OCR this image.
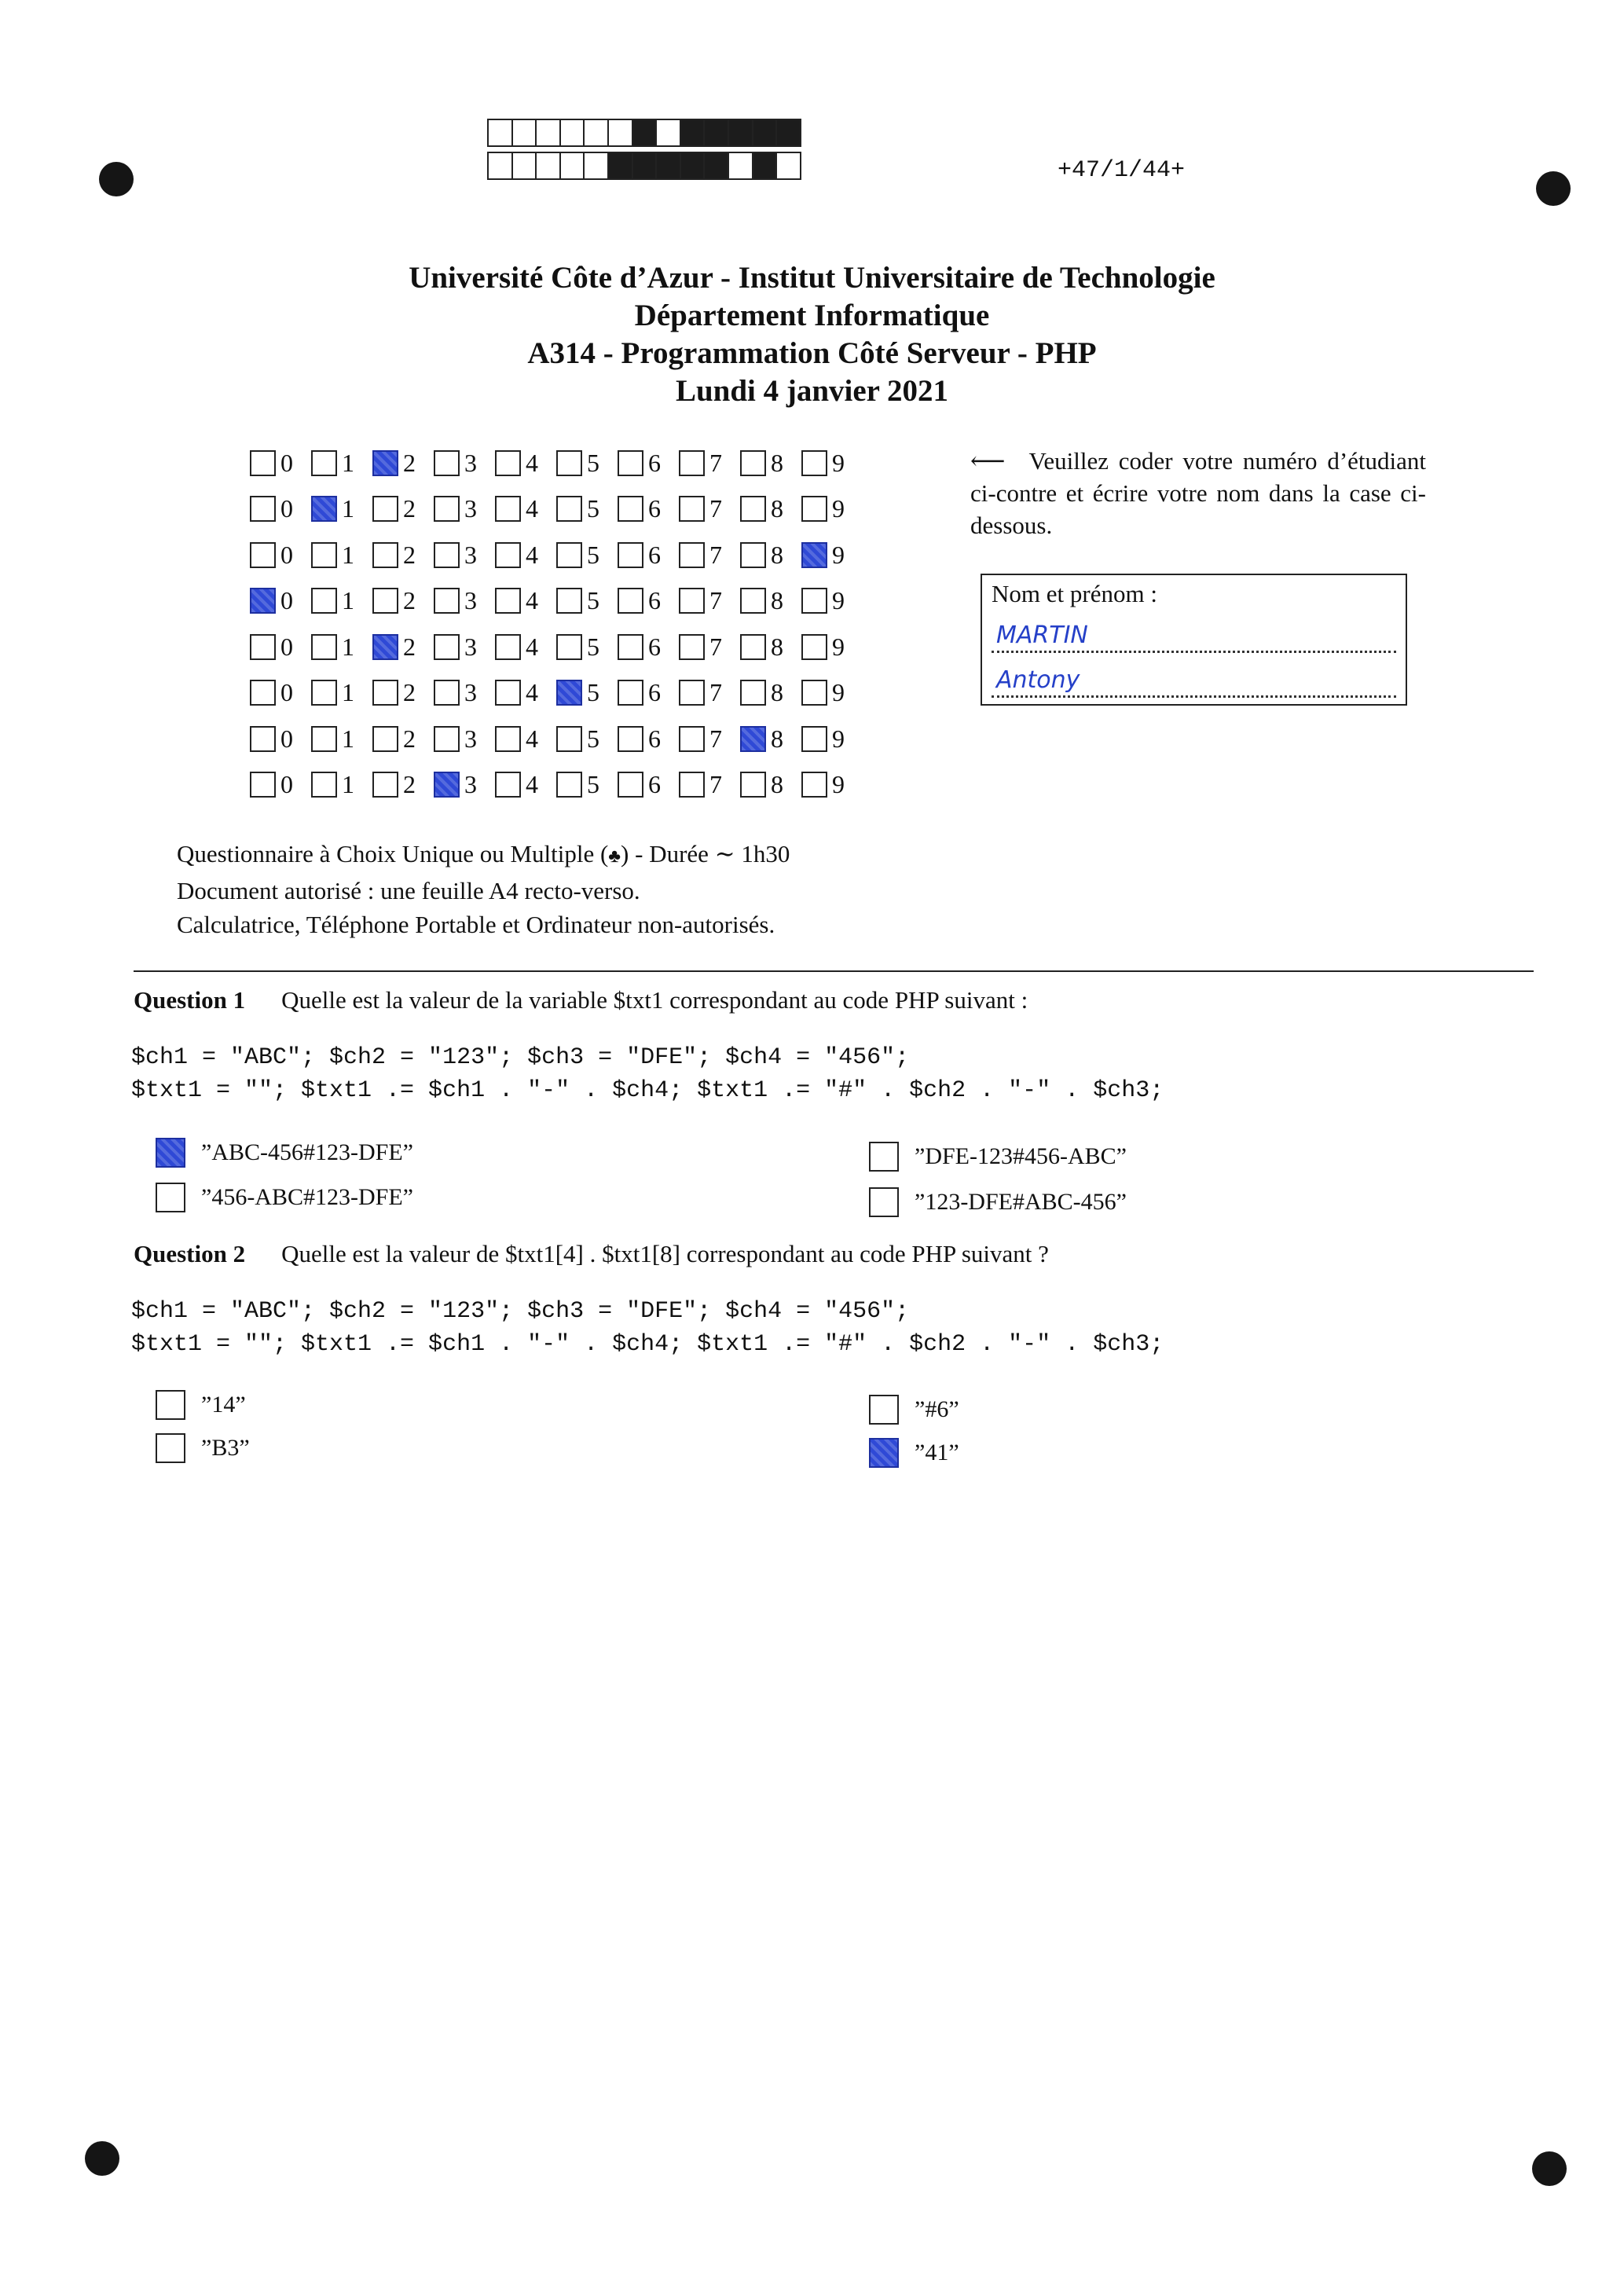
+47/1/44+
Université Côte d’Azur - Institut Universitaire de Technologie
Département Informatique
A314 - Programmation Côté Serveur - PHP
Lundi 4 janvier 2021
0 1 2 3 4 5 6 7 8 9
0 1 2 3 4 5 6 7 8 9
0 1 2 3 4 5 6 7 8 9
0 1 2 3 4 5 6 7 8 9
0 1 2 3 4 5 6 7 8 9
0 1 2 3 4 5 6 7 8 9
0 1 2 3 4 5 6 7 8 9
0 1 2 3 4 5 6 7 8 9
⟵ Veuillez coder votre numéro d’étudiant ci-contre et écrire votre nom dans la case ci-dessous.
Nom et prénom :
MARTIN
Antony
Questionnaire à Choix Unique ou Multiple (♣) - Durée ∼ 1h30
Document autorisé : une feuille A4 recto-verso.
Calculatrice, Téléphone Portable et Ordinateur non-autorisés.
Question 1 Quelle est la valeur de la variable $txt1 correspondant au code PHP suivant :
$ch1 = "ABC"; $ch2 = "123"; $ch3 = "DFE"; $ch4 = "456";
$txt1 = ""; $txt1 .= $ch1 . "-" . $ch4; $txt1 .= "#" . $ch2 . "-" . $ch3;
”ABC-456#123-DFE”
”456-ABC#123-DFE”
”DFE-123#456-ABC”
”123-DFE#ABC-456”
Question 2 Quelle est la valeur de $txt1[4] . $txt1[8] correspondant au code PHP suivant ?
$ch1 = "ABC"; $ch2 = "123"; $ch3 = "DFE"; $ch4 = "456";
$txt1 = ""; $txt1 .= $ch1 . "-" . $ch4; $txt1 .= "#" . $ch2 . "-" . $ch3;
”14”
”B3”
”#6”
”41”
